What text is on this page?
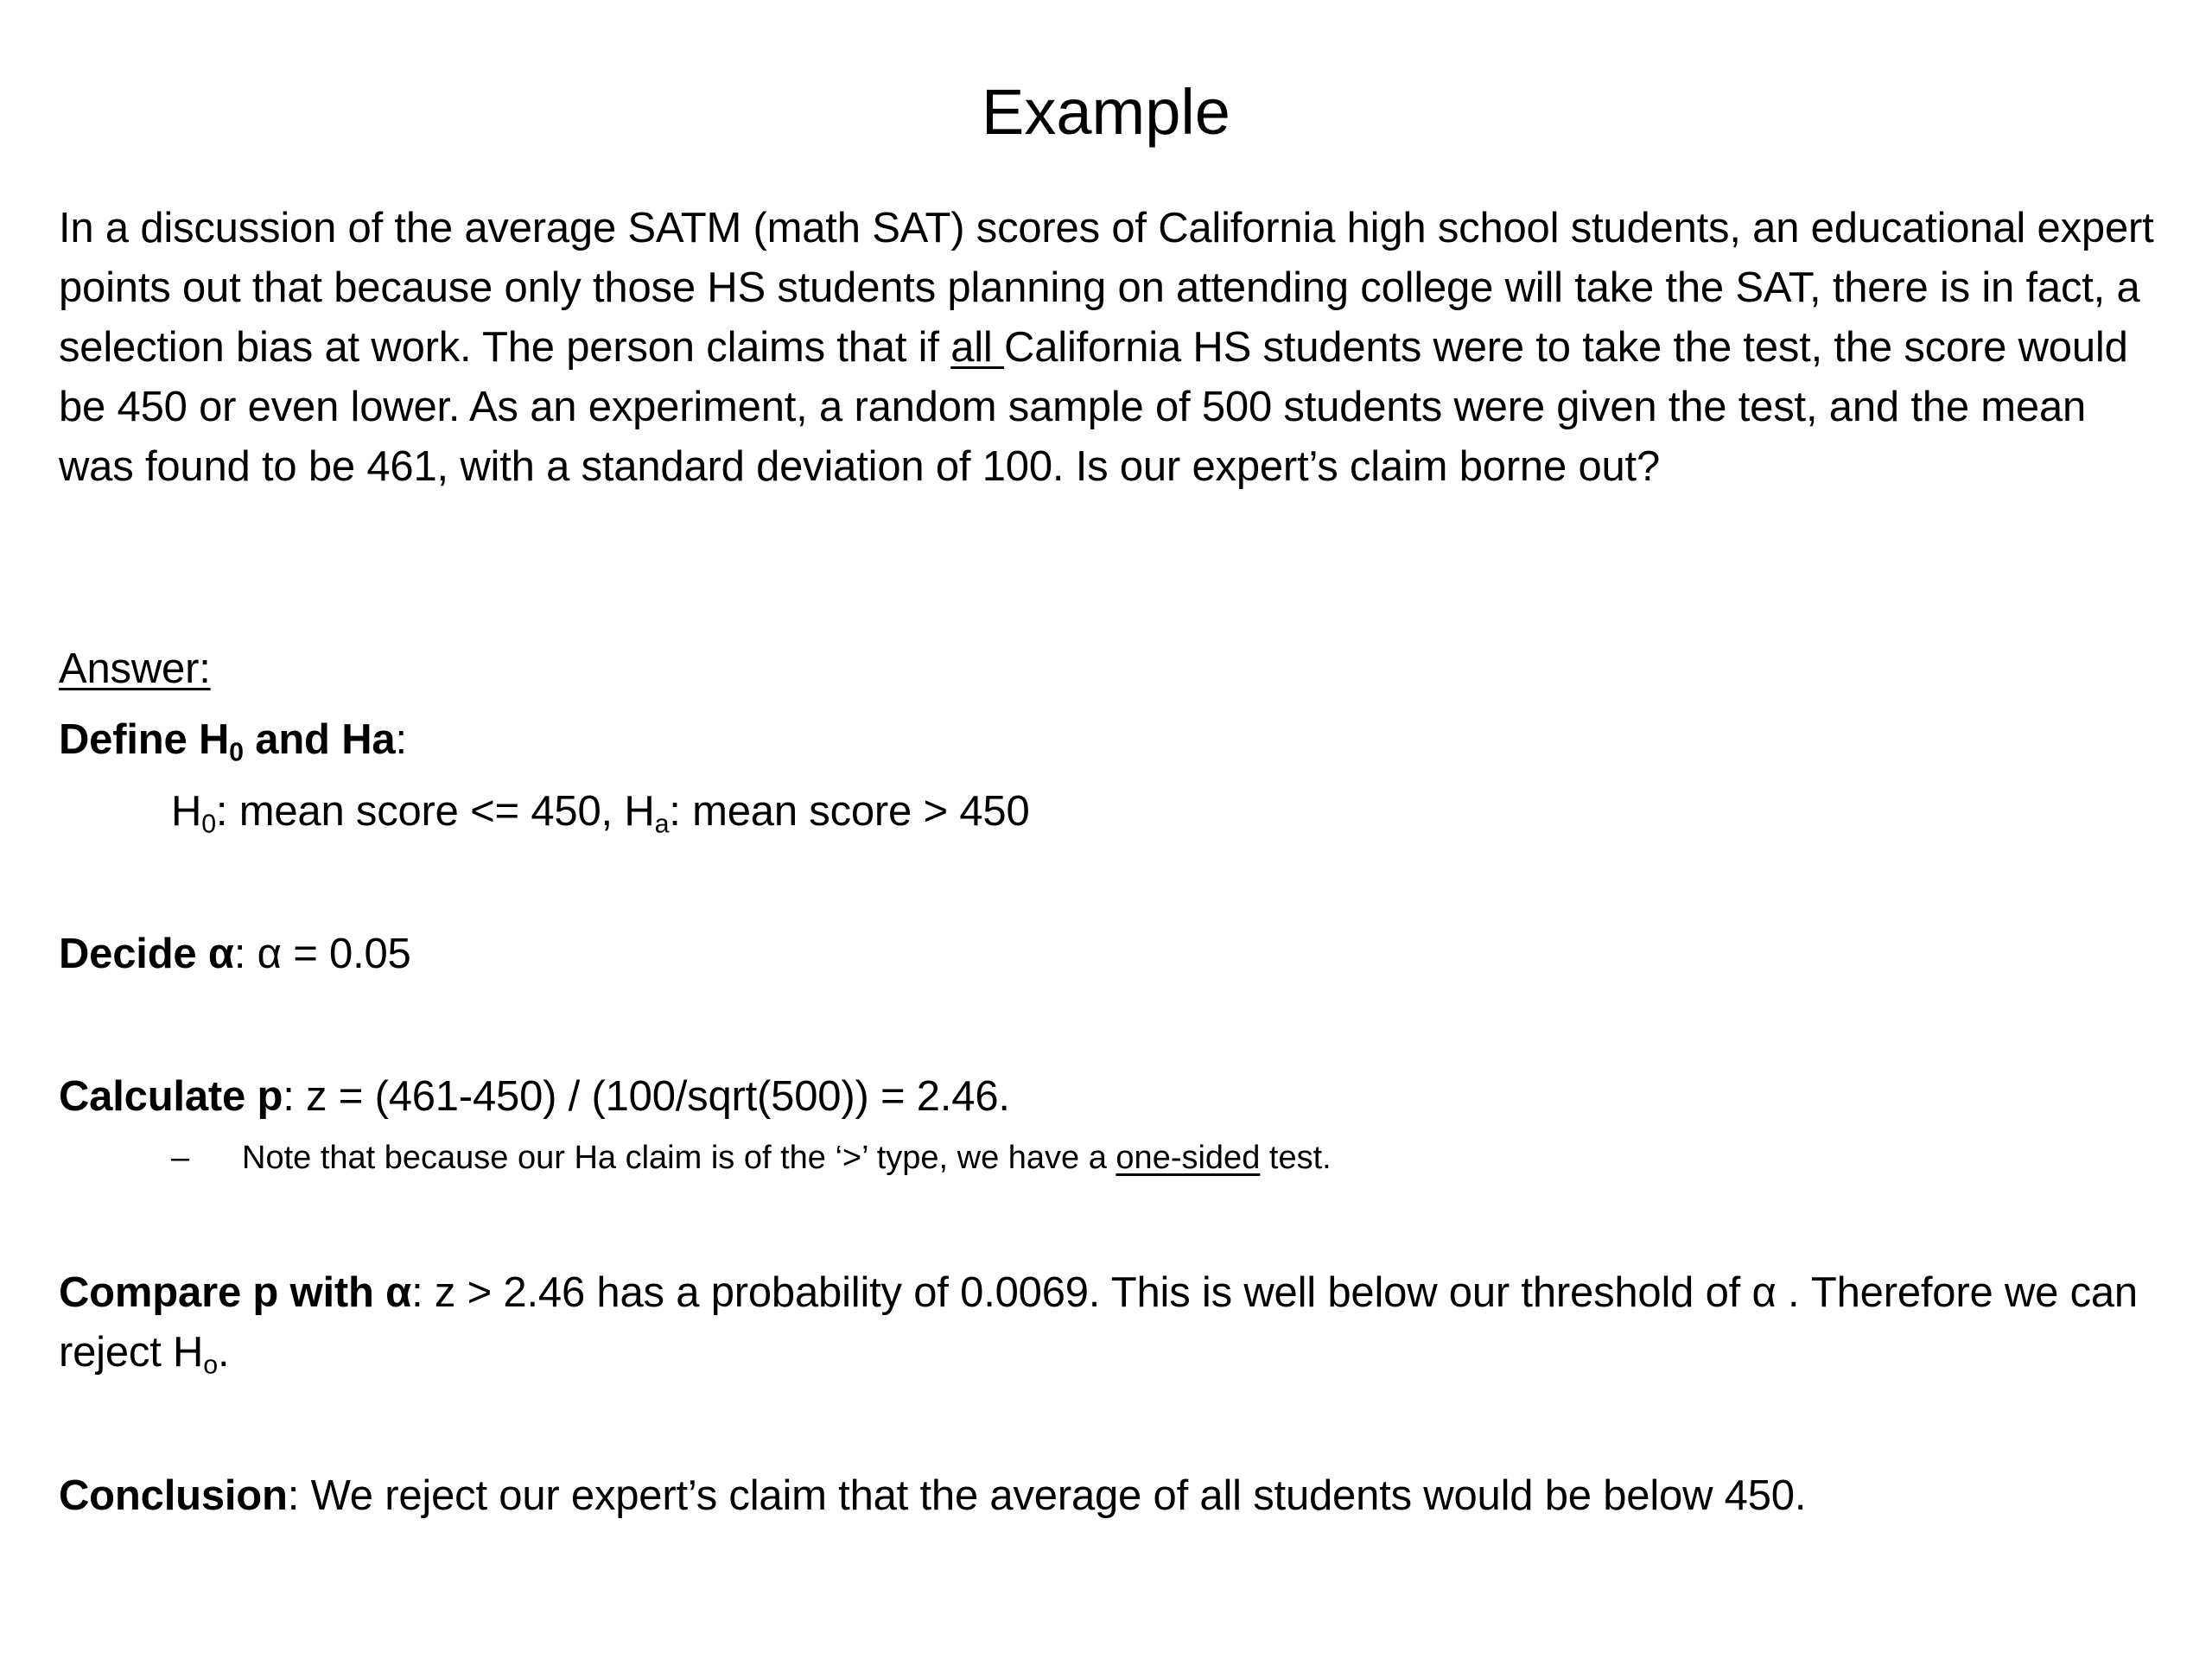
Example
In a discussion of the average SATM (math SAT) scores of California high school students, an educational expert points out that because only those HS students planning on attending college will take the SAT, there is in fact, a selection bias at work. The person claims that if all California HS students were to take the test, the score would be 450 or even lower. As an experiment, a random sample of 500 students were given the test, and the mean was found to be 461, with a standard deviation of 100. Is our expert’s claim borne out?
Answer:
Define $H_0$ and Ha:
$H_0$: mean score <= 450, $H_a$: mean score > 450
Decide α: α = 0.05
Calculate p: z = (461-450) / (100/sqrt(500)) = 2.46.
– Note that because our Ha claim is of the ‘>’ type, we have a one-sided test.
Compare p with α: z > 2.46 has a probability of 0.0069. This is well below our threshold of α . Therefore we can reject $H_o$.
Conclusion: We reject our expert’s claim that the average of all students would be below 450.
